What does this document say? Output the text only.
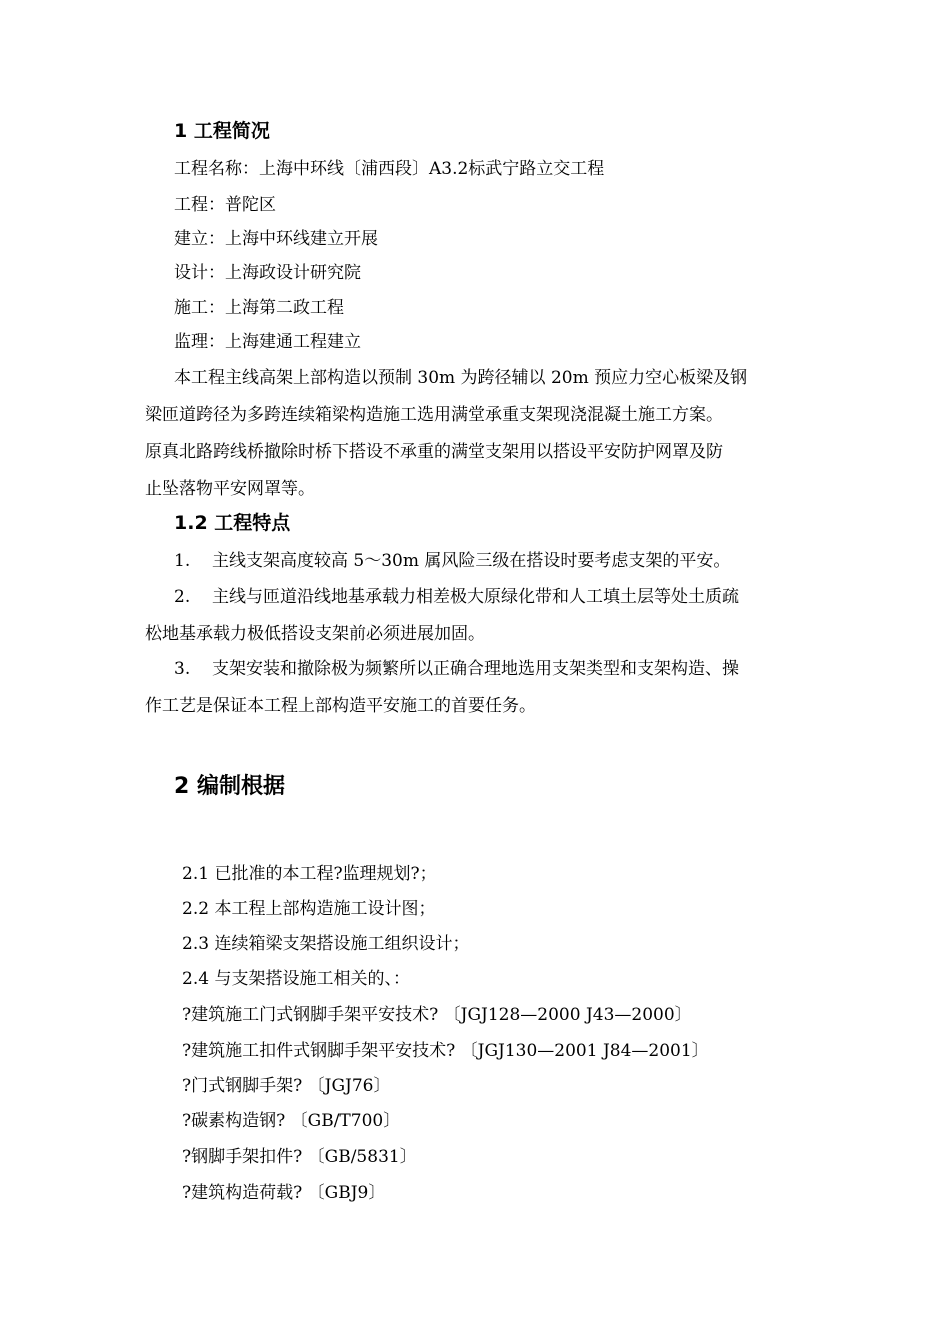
1 工程简况
工程名称：上海中环线〔浦西段〕A3.2标武宁路立交工程
工程：普陀区
建立：上海中环线建立开展
设计：上海政设计研究院
施工：上海第二政工程
监理：上海建通工程建立
本工程主线高架上部构造以预制 30m 为跨径辅以 20m 预应力空心板梁及钢
梁匝道跨径为多跨连续箱梁构造施工选用满堂承重支架现浇混凝土施工方案。
原真北路跨线桥撤除时桥下搭设不承重的满堂支架用以搭设平安防护网罩及防
止坠落物平安网罩等。
1.2 工程特点
1. 主线支架高度较高 5～30m 属风险三级在搭设时要考虑支架的平安。
2. 主线与匝道沿线地基承载力相差极大原绿化带和人工填土层等处土质疏
松地基承载力极低搭设支架前必须进展加固。
3. 支架安装和撤除极为频繁所以正确合理地选用支架类型和支架构造、操
作工艺是保证本工程上部构造平安施工的首要任务。
2 编制根据
2.1 已批准的本工程?监理规划?；
2.2 本工程上部构造施工设计图；
2.3 连续箱梁支架搭设施工组织设计；
2.4 与支架搭设施工相关的、：
?建筑施工门式钢脚手架平安技术? 〔JGJ128—2000 J43—2000〕
?建筑施工扣件式钢脚手架平安技术? 〔JGJ130—2001 J84—2001〕
?门式钢脚手架? 〔JGJ76〕
?碳素构造钢? 〔GB/T700〕
?钢脚手架扣件? 〔GB/5831〕
?建筑构造荷载? 〔GBJ9〕
